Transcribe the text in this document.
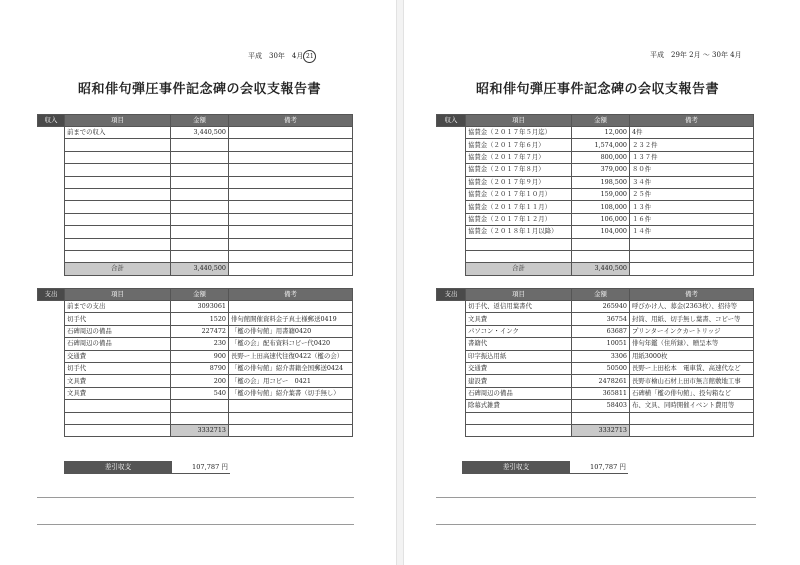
平成　30年　4月 21
昭和俳句弾圧事件記念碑の会収支報告書
収入	項目	金額	備考
	前までの収入	3,440,500	

	合計	3,440,500	
支出	項目	金額	備考
	前までの支出	3093061	
	切手代	1520	俳句館開催資料金子真土様郵送0419
	石碑周辺の備品	227472	「檻の俳句館」用書籍0420
	石碑周辺の備品	230	「檻の会」配布資料コピー代0420
	交通費	900	長野ー上田高速代往復0422（檻の会）
	切手代	8790	「檻の俳句館」紹介書籍全国郵送0424
	文具費	200	「檻の会」用コピー　0421
	文具費	540	「檻の俳句館」紹介葉書（切手無し）

		3332713	
差引収支	107,787 円
平成　29年 2月 〜 30年 4月
昭和俳句弾圧事件記念碑の会収支報告書
収入	項目	金額	備考
	協賛金（２０１７年５月迄）	12,000	4件
	協賛金（２０１７年６月）	1,574,000	２３２件
	協賛金（２０１７年７月）	800,000	１３７件
	協賛金（２０１７年８月）	379,000	８０件
	協賛金（２０１７年９月）	198,500	３４件
	協賛金（２０１７年１０月）	159,000	２５件
	協賛金（２０１７年１１月）	108,000	１３件
	協賛金（２０１７年１２月）	106,000	１６件
	協賛金（２０１８年１月以降）	104,000	１４件

	合計	3,440,500	
支出	項目	金額	備考
	切手代、返信用葉書代	265940	呼びかけ人、募金(2363枚）、招待等
	文具費	36754	封筒、用紙、切手無し葉書、コピー等
	パソコン・インク	63687	プリンターインクカートリッジ
	書籍代	10051	俳句年鑑（住所録）、贈呈本等
	印字振込用紙	3306	用紙3000枚
	交通費	50500	長野ー上田松本　電車賃、高速代など
	建設費	2478261	長野市檜山石材上田市無言館敷地工事
	石碑周辺の備品	365811	石碑横「檻の俳句館」、投句箱など
	除幕式雑費	58403	布、文具、同時開催イベント費用等

		3332713	
差引収支	107,787 円
